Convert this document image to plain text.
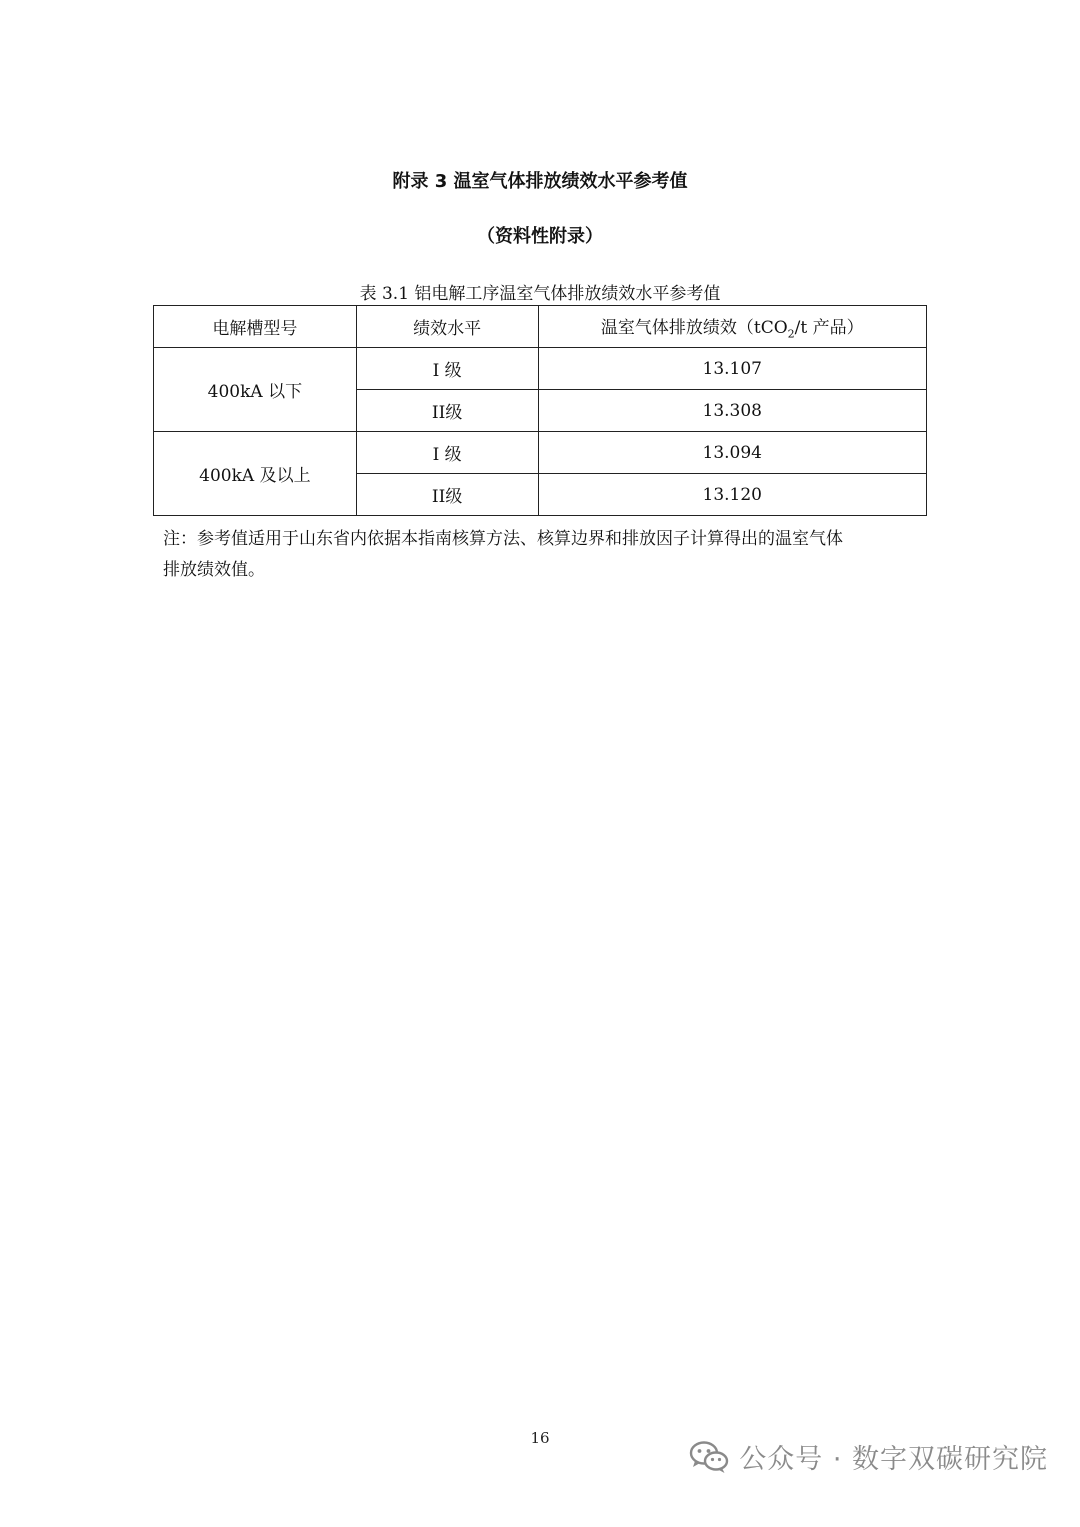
附录 3 温室气体排放绩效水平参考值
（资料性附录）
表 3.1 铝电解工序温室气体排放绩效水平参考值
电解槽型号	绩效水平	温室气体排放绩效（tCO$_2$/t 产品）
400kA 以下	I 级	13.107
	II级	13.308
400kA 及以上	I 级	13.094
	II级	13.120
注：参考值适用于山东省内依据本指南核算方法、核算边界和排放因子计算得出的温室气体
排放绩效值。
16
公众号 · 数字双碳研究院
